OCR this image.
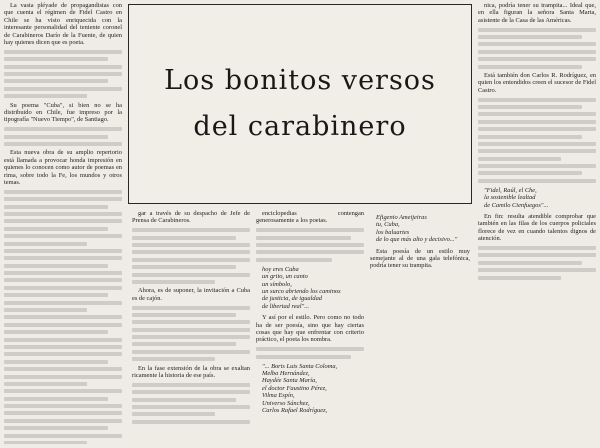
La vasta pléyade de propagandistas con que cuenta el régimen de Fidel Castro en Chile se ha visto enriquecida con la interesante personalidad del teniente coronel de Carabineros Darío de la Fuente, de quien hay quienes dicen que es poeta.

Su poema "Cuba", si bien no se ha distribuido en Chile, fue impreso por la tipografía "Nuevo Tiempo", de Santiago.

Esta nueva obra de su amplio repertorio está llamada a provocar honda impresión en quienes lo conocen como autor de poemas en rima, sobre todo la Fe, los mundos y otros temas.

Los bonitos versos
del carabinero

gar a través de su despacho de Jefe de Prensa de Carabineros.

Ahora, es de suponer, la invitación a Cuba es de cajón.

En la fase extensión de la obra se exaltan ricamente la historia de ese país.

enciclopedias contengan generosamente a los poetas.

hoy eres Cuba
un grito, un canto
un símbolo,
un surco abriendo los caminos
de justicia, de igualdad
de libertad real"...

Y así por el estilo. Pero como no todo ha de ser poesía, sino que hay ciertas cosas que hay que enfrentar con criterio práctico, el poeta los nombra.

"... Boris Luis Santa Coloma,
Melba Hernández,
Haydée Santa María,
el doctor Faustino Pérez,
Vilma Espín,
Universo Sánchez,
Carlos Rafael Rodríguez,
Efigenio Ameijeiras
tu, Cuba,
los baluartes
de lo que más alto y decisivo..."

Esta poesía de un estilo muy semejante al de una gala telefónica, podría tener su trampita.

nica, podría tener su trampita... Ideal que, en ella figuran la señora Santa Marta, asistente de la Casa de las Américas.

Está también don Carlos R. Rodríguez, en quien los entendidos creen el sucesor de Fidel Castro.

"Fidel, Raúl, el Che,
la sostenible lealtad
de Camilo Cienfuegos"...

En fin: resulta atendible comprobar que también en las filas de los cuerpos policiales florece de vez en cuando talentos dignos de atención.
